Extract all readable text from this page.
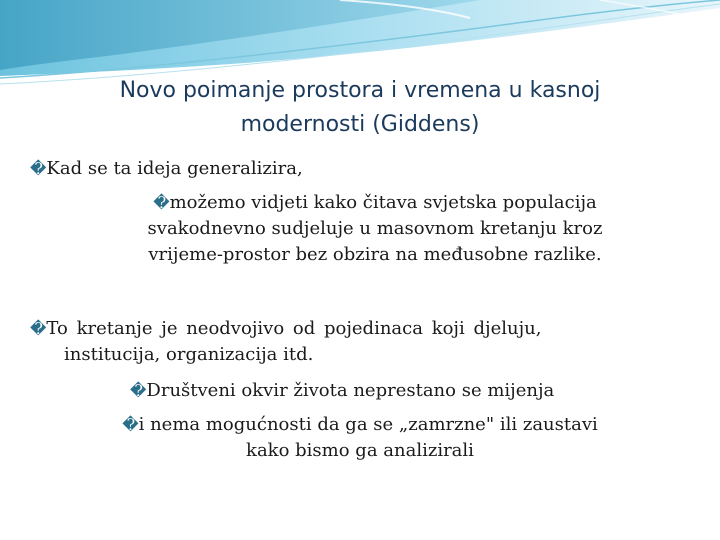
Novo poimanje prostora i vremena u kasnoj
modernosti (Giddens)
�Kad se ta ideja generalizira,
�možemo vidjeti kako čitava svjetska populacija
svakodnevno sudjeluje u masovnom kretanju kroz
vrijeme-prostor bez obzira na međusobne razlike.
�To kretanje je neodvojivo od pojedinaca koji djeluju,
institucija, organizacija itd.
�Društveni okvir života neprestano se mijenja
�i nema mogućnosti da ga se „zamrzne" ili zaustavi
kako bismo ga analizirali
